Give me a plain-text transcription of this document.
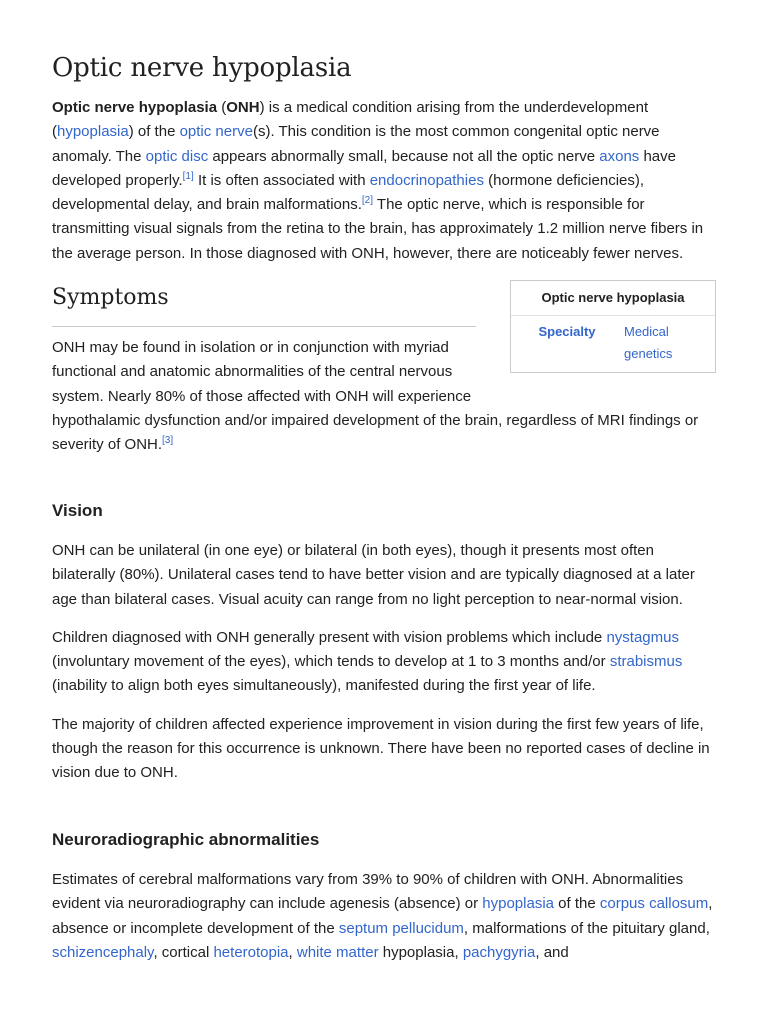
Optic nerve hypoplasia

Optic nerve hypoplasia (ONH) is a medical condition arising from the underdevelopment (hypoplasia) of the optic nerve(s). This condition is the most common congenital optic nerve anomaly. The optic disc appears abnormally small, because not all the optic nerve axons have developed properly.[1] It is often associated with endocrinopathies (hormone deficiencies), developmental delay, and brain malformations.[2] The optic nerve, which is responsible for transmitting visual signals from the retina to the brain, has approximately 1.2 million nerve fibers in the average person. In those diagnosed with ONH, however, there are noticeably fewer nerves.

Optic nerve hypoplasia
Specialty	Medical genetics
Symptoms

ONH may be found in isolation or in conjunction with myriad functional and anatomic abnormalities of the central nervous system. Nearly 80% of those affected with ONH will experience hypothalamic dysfunction and/or impaired development of the brain, regardless of MRI findings or severity of ONH.[3]

Vision

ONH can be unilateral (in one eye) or bilateral (in both eyes), though it presents most often bilaterally (80%). Unilateral cases tend to have better vision and are typically diagnosed at a later age than bilateral cases. Visual acuity can range from no light perception to near-normal vision.

Children diagnosed with ONH generally present with vision problems which include nystagmus (involuntary movement of the eyes), which tends to develop at 1 to 3 months and/or strabismus (inability to align both eyes simultaneously), manifested during the first year of life.

The majority of children affected experience improvement in vision during the first few years of life, though the reason for this occurrence is unknown. There have been no reported cases of decline in vision due to ONH.

Neuroradiographic abnormalities

Estimates of cerebral malformations vary from 39% to 90% of children with ONH. Abnormalities evident via neuroradiography can include agenesis (absence) or hypoplasia of the corpus callosum, absence or incomplete development of the septum pellucidum, malformations of the pituitary gland, schizencephaly, cortical heterotopia, white matter hypoplasia, pachygyria, and
